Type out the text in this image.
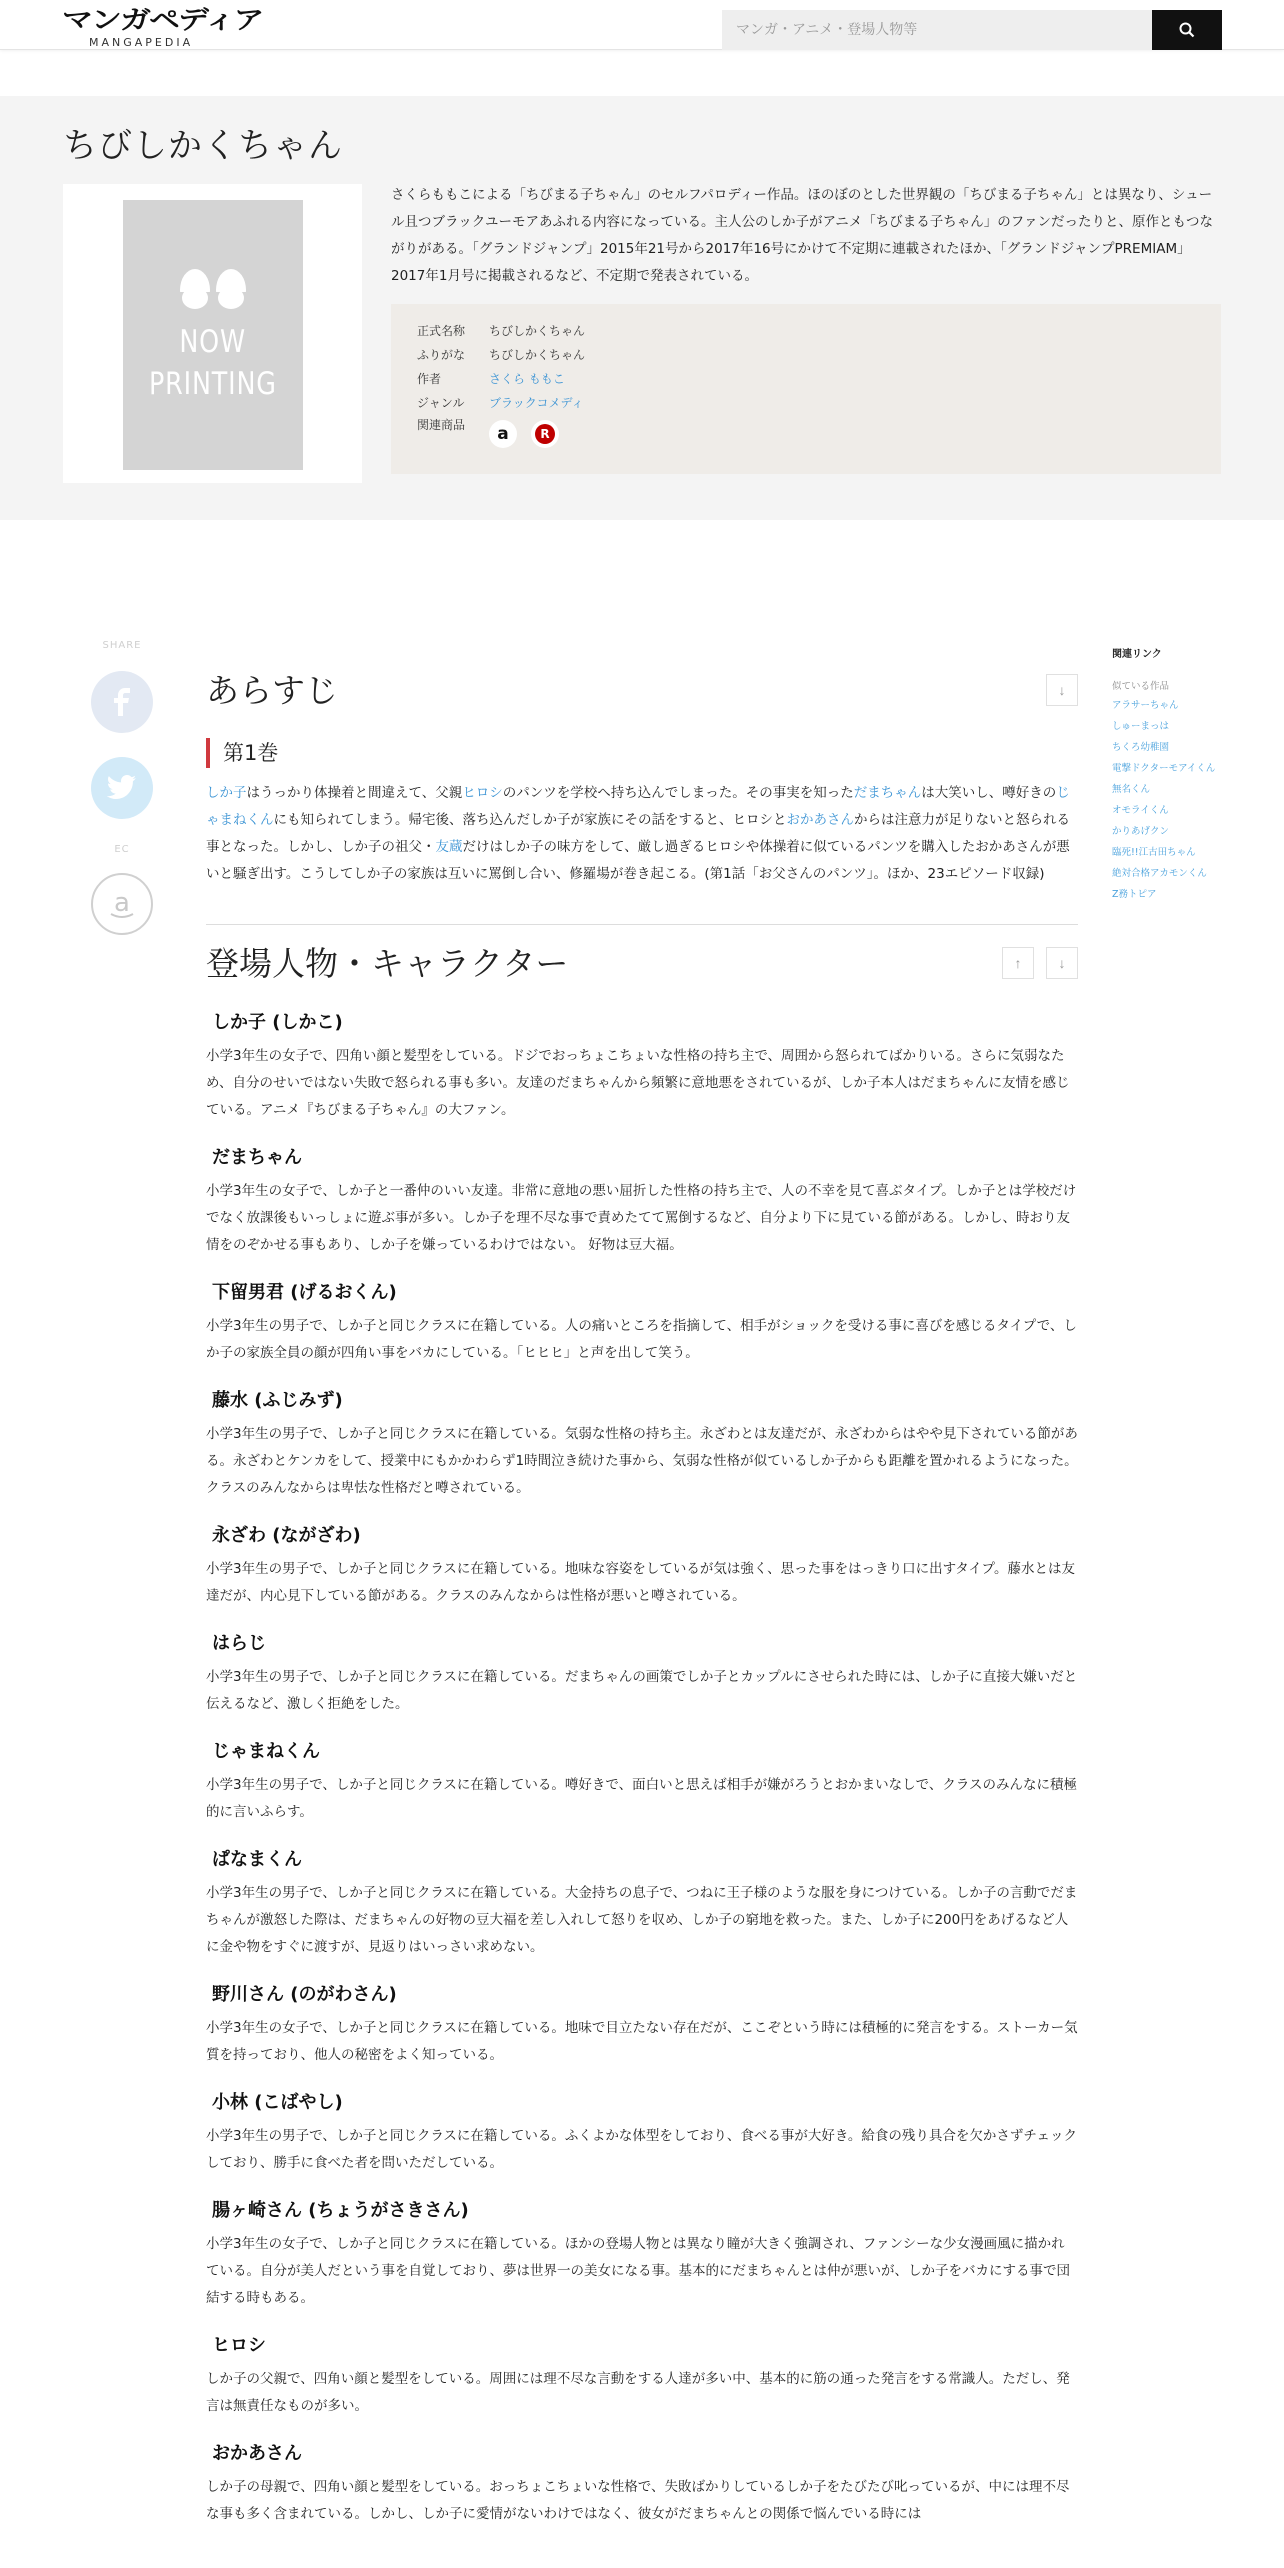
マンガペディア
MANGAPEDIA
マンガ・アニメ・登場人物等
ちびしかくちゃん
NOW
PRINTING

さくらももこによる「ちびまる子ちゃん」のセルフパロディー作品。ほのぼのとした世界観の「ちびまる子ちゃん」とは異なり、シュール且つブラックユーモアあふれる内容になっている。主人公のしか子がアニメ「ちびまる子ちゃん」のファンだったりと、原作ともつながりがある。「グランドジャンプ」2015年21号から2017年16号にかけて不定期に連載されたほか、「グランドジャンプPREMIAM」2017年1月号に掲載されるなど、不定期で発表されている。

正式名称	ちびしかくちゃん
ふりがな	ちびしかくちゃん
作者	さくら ももこ
ジャンル	ブラックコメディ
関連商品	a	R
SHARE
EC
a
関連リンク
似ている作品
アラサーちゃん
しゅーまっは
ちくろ幼稚園
電撃ドクターモアイくん
無名くん
オモライくん
かりあげクン
臨死!!江古田ちゃん
絶対合格アカモンくん
Z務トピア
あらすじ	↓
第1巻

しか子はうっかり体操着と間違えて、父親ヒロシのパンツを学校へ持ち込んでしまった。その事実を知っただまちゃんは大笑いし、噂好きのじゃまねくんにも知られてしまう。帰宅後、落ち込んだしか子が家族にその話をすると、ヒロシとおかあさんからは注意力が足りないと怒られる事となった。しかし、しか子の祖父・友蔵だけはしか子の味方をして、厳し過ぎるヒロシや体操着に似ているパンツを購入したおかあさんが悪いと騒ぎ出す。こうしてしか子の家族は互いに罵倒し合い、修羅場が巻き起こる。(第1話「お父さんのパンツ」。ほか、23エピソード収録)

登場人物・キャラクター	↑	↓
しか子 (しかこ)

小学3年生の女子で、四角い顔と髪型をしている。ドジでおっちょこちょいな性格の持ち主で、周囲から怒られてばかりいる。さらに気弱なため、自分のせいではない失敗で怒られる事も多い。友達のだまちゃんから頻繁に意地悪をされているが、しか子本人はだまちゃんに友情を感じている。アニメ『ちびまる子ちゃん』の大ファン。

だまちゃん

小学3年生の女子で、しか子と一番仲のいい友達。非常に意地の悪い屈折した性格の持ち主で、人の不幸を見て喜ぶタイプ。しか子とは学校だけでなく放課後もいっしょに遊ぶ事が多い。しか子を理不尽な事で責めたてて罵倒するなど、自分より下に見ている節がある。しかし、時おり友情をのぞかせる事もあり、しか子を嫌っているわけではない。 好物は豆大福。

下留男君 (げるおくん)

小学3年生の男子で、しか子と同じクラスに在籍している。人の痛いところを指摘して、相手がショックを受ける事に喜びを感じるタイプで、しか子の家族全員の顔が四角い事をバカにしている。「ヒヒヒ」と声を出して笑う。

藤水 (ふじみず)

小学3年生の男子で、しか子と同じクラスに在籍している。気弱な性格の持ち主。永ざわとは友達だが、永ざわからはやや見下されている節がある。永ざわとケンカをして、授業中にもかかわらず1時間泣き続けた事から、気弱な性格が似ているしか子からも距離を置かれるようになった。クラスのみんなからは卑怯な性格だと噂されている。

永ざわ (ながざわ)

小学3年生の男子で、しか子と同じクラスに在籍している。地味な容姿をしているが気は強く、思った事をはっきり口に出すタイプ。藤水とは友達だが、内心見下している節がある。クラスのみんなからは性格が悪いと噂されている。

はらじ

小学3年生の男子で、しか子と同じクラスに在籍している。だまちゃんの画策でしか子とカップルにさせられた時には、しか子に直接大嫌いだと伝えるなど、激しく拒絶をした。

じゃまねくん

小学3年生の男子で、しか子と同じクラスに在籍している。噂好きで、面白いと思えば相手が嫌がろうとおかまいなしで、クラスのみんなに積極的に言いふらす。

ぱなまくん

小学3年生の男子で、しか子と同じクラスに在籍している。大金持ちの息子で、つねに王子様のような服を身につけている。しか子の言動でだまちゃんが激怒した際は、だまちゃんの好物の豆大福を差し入れして怒りを収め、しか子の窮地を救った。また、しか子に200円をあげるなど人に金や物をすぐに渡すが、見返りはいっさい求めない。

野川さん (のがわさん)

小学3年生の女子で、しか子と同じクラスに在籍している。地味で目立たない存在だが、ここぞという時には積極的に発言をする。ストーカー気質を持っており、他人の秘密をよく知っている。

小林 (こばやし)

小学3年生の男子で、しか子と同じクラスに在籍している。ふくよかな体型をしており、食べる事が大好き。給食の残り具合を欠かさずチェックしており、勝手に食べた者を問いただしている。

腸ヶ崎さん (ちょうがさきさん)

小学3年生の女子で、しか子と同じクラスに在籍している。ほかの登場人物とは異なり瞳が大きく強調され、ファンシーな少女漫画風に描かれている。自分が美人だという事を自覚しており、夢は世界一の美女になる事。基本的にだまちゃんとは仲が悪いが、しか子をバカにする事で団結する時もある。

ヒロシ

しか子の父親で、四角い顔と髪型をしている。周囲には理不尽な言動をする人達が多い中、基本的に筋の通った発言をする常識人。ただし、発言は無責任なものが多い。

おかあさん

しか子の母親で、四角い顔と髪型をしている。おっちょこちょいな性格で、失敗ばかりしているしか子をたびたび叱っているが、中には理不尽な事も多く含まれている。しかし、しか子に愛情がないわけではなく、彼女がだまちゃんとの関係で悩んでいる時には
